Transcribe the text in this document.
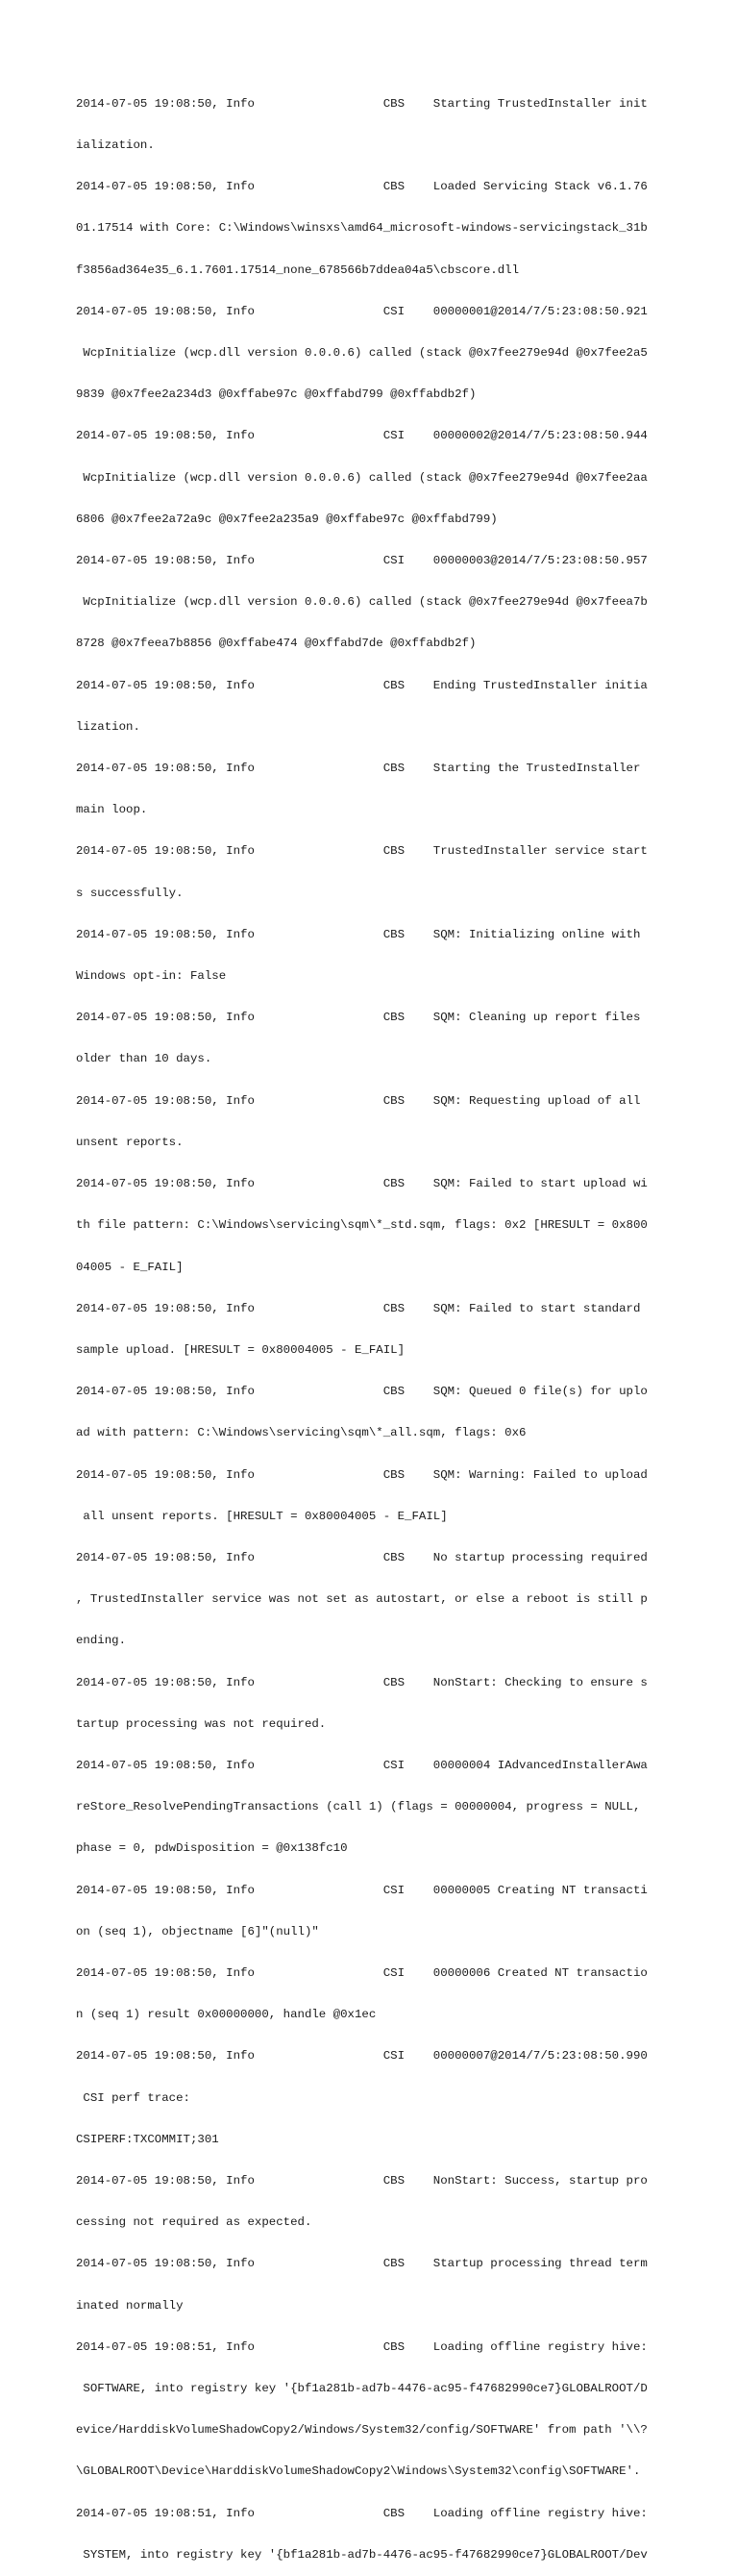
2014-07-05 19:08:50, Info                  CBS    Starting TrustedInstaller init

ialization.

2014-07-05 19:08:50, Info                  CBS    Loaded Servicing Stack v6.1.76

01.17514 with Core: C:\Windows\winsxs\amd64_microsoft-windows-servicingstack_31b

f3856ad364e35_6.1.7601.17514_none_678566b7ddea04a5\cbscore.dll

2014-07-05 19:08:50, Info                  CSI    00000001@2014/7/5:23:08:50.921

WcpInitialize (wcp.dll version 0.0.0.6) called (stack @0x7fee279e94d @0x7fee2a5

9839 @0x7fee2a234d3 @0xffabe97c @0xffabd799 @0xffabdb2f)

2014-07-05 19:08:50, Info                  CSI    00000002@2014/7/5:23:08:50.944

WcpInitialize (wcp.dll version 0.0.0.6) called (stack @0x7fee279e94d @0x7fee2aa

6806 @0x7fee2a72a9c @0x7fee2a235a9 @0xffabe97c @0xffabd799)

2014-07-05 19:08:50, Info                  CSI    00000003@2014/7/5:23:08:50.957

WcpInitialize (wcp.dll version 0.0.0.6) called (stack @0x7fee279e94d @0x7feea7b

8728 @0x7feea7b8856 @0xffabe474 @0xffabd7de @0xffabdb2f)

2014-07-05 19:08:50, Info                  CBS    Ending TrustedInstaller initia

lization.

2014-07-05 19:08:50, Info                  CBS    Starting the TrustedInstaller

main loop.

2014-07-05 19:08:50, Info                  CBS    TrustedInstaller service start

s successfully.

2014-07-05 19:08:50, Info                  CBS    SQM: Initializing online with

Windows opt-in: False

2014-07-05 19:08:50, Info                  CBS    SQM: Cleaning up report files

older than 10 days.

2014-07-05 19:08:50, Info                  CBS    SQM: Requesting upload of all

unsent reports.

2014-07-05 19:08:50, Info                  CBS    SQM: Failed to start upload wi

th file pattern: C:\Windows\servicing\sqm\*_std.sqm, flags: 0x2 [HRESULT = 0x800

04005 - E_FAIL]

2014-07-05 19:08:50, Info                  CBS    SQM: Failed to start standard

sample upload. [HRESULT = 0x80004005 - E_FAIL]

2014-07-05 19:08:50, Info                  CBS    SQM: Queued 0 file(s) for uplo

ad with pattern: C:\Windows\servicing\sqm\*_all.sqm, flags: 0x6

2014-07-05 19:08:50, Info                  CBS    SQM: Warning: Failed to upload

all unsent reports. [HRESULT = 0x80004005 - E_FAIL]

2014-07-05 19:08:50, Info                  CBS    No startup processing required

, TrustedInstaller service was not set as autostart, or else a reboot is still p

ending.

2014-07-05 19:08:50, Info                  CBS    NonStart: Checking to ensure s

tartup processing was not required.

2014-07-05 19:08:50, Info                  CSI    00000004 IAdvancedInstallerAwa

reStore_ResolvePendingTransactions (call 1) (flags = 00000004, progress = NULL,

phase = 0, pdwDisposition = @0x138fc10

2014-07-05 19:08:50, Info                  CSI    00000005 Creating NT transacti

on (seq 1), objectname [6]"(null)"

2014-07-05 19:08:50, Info                  CSI    00000006 Created NT transactio

n (seq 1) result 0x00000000, handle @0x1ec

2014-07-05 19:08:50, Info                  CSI    00000007@2014/7/5:23:08:50.990

CSI perf trace:

CSIPERF:TXCOMMIT;301

2014-07-05 19:08:50, Info                  CBS    NonStart: Success, startup pro

cessing not required as expected.

2014-07-05 19:08:50, Info                  CBS    Startup processing thread term

inated normally

2014-07-05 19:08:51, Info                  CBS    Loading offline registry hive:

SOFTWARE, into registry key '{bf1a281b-ad7b-4476-ac95-f47682990ce7}GLOBALROOT/D

evice/HarddiskVolumeShadowCopy2/Windows/System32/config/SOFTWARE' from path '\\?

\GLOBALROOT\Device\HarddiskVolumeShadowCopy2\Windows\System32\config\SOFTWARE'.

2014-07-05 19:08:51, Info                  CBS    Loading offline registry hive:

SYSTEM, into registry key '{bf1a281b-ad7b-4476-ac95-f47682990ce7}GLOBALROOT/Dev
